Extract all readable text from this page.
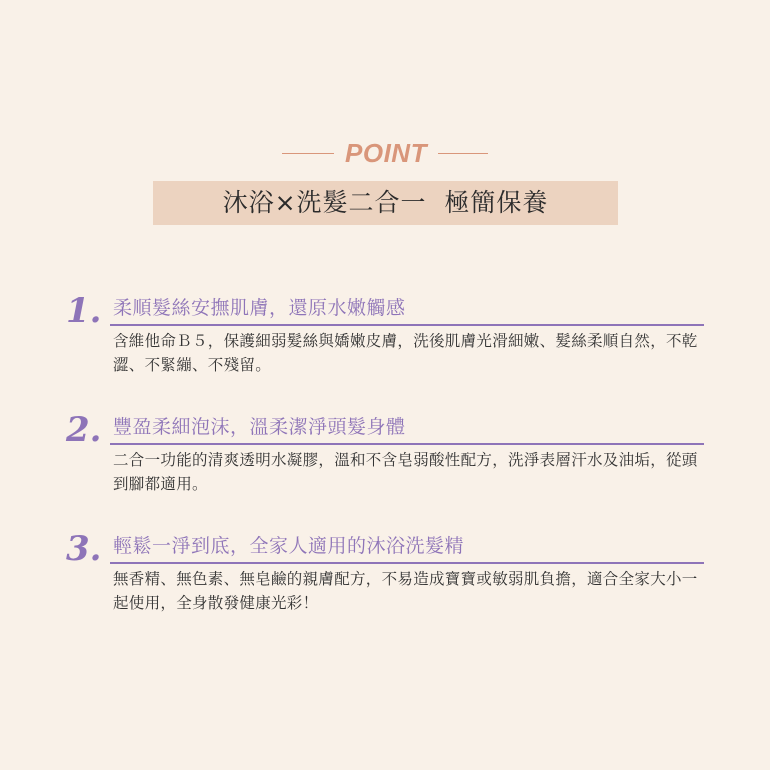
POINT
沐浴×洗髮二合一  極簡保養
1. 柔順髮絲安撫肌膚，還原水嫩觸感
含維他命Ｂ５，保護細弱髮絲與嬌嫩皮膚，洗後肌膚光滑細嫩、髮絲柔順自然，不乾澀、不緊繃、不殘留。
2. 豐盈柔細泡沫，溫柔潔淨頭髮身體
二合一功能的清爽透明水凝膠，溫和不含皂弱酸性配方，洗淨表層汗水及油垢，從頭到腳都適用。
3. 輕鬆一淨到底，全家人適用的沐浴洗髮精
無香精、無色素、無皂鹼的親膚配方，不易造成寶寶或敏弱肌負擔，適合全家大小一起使用，全身散發健康光彩！
